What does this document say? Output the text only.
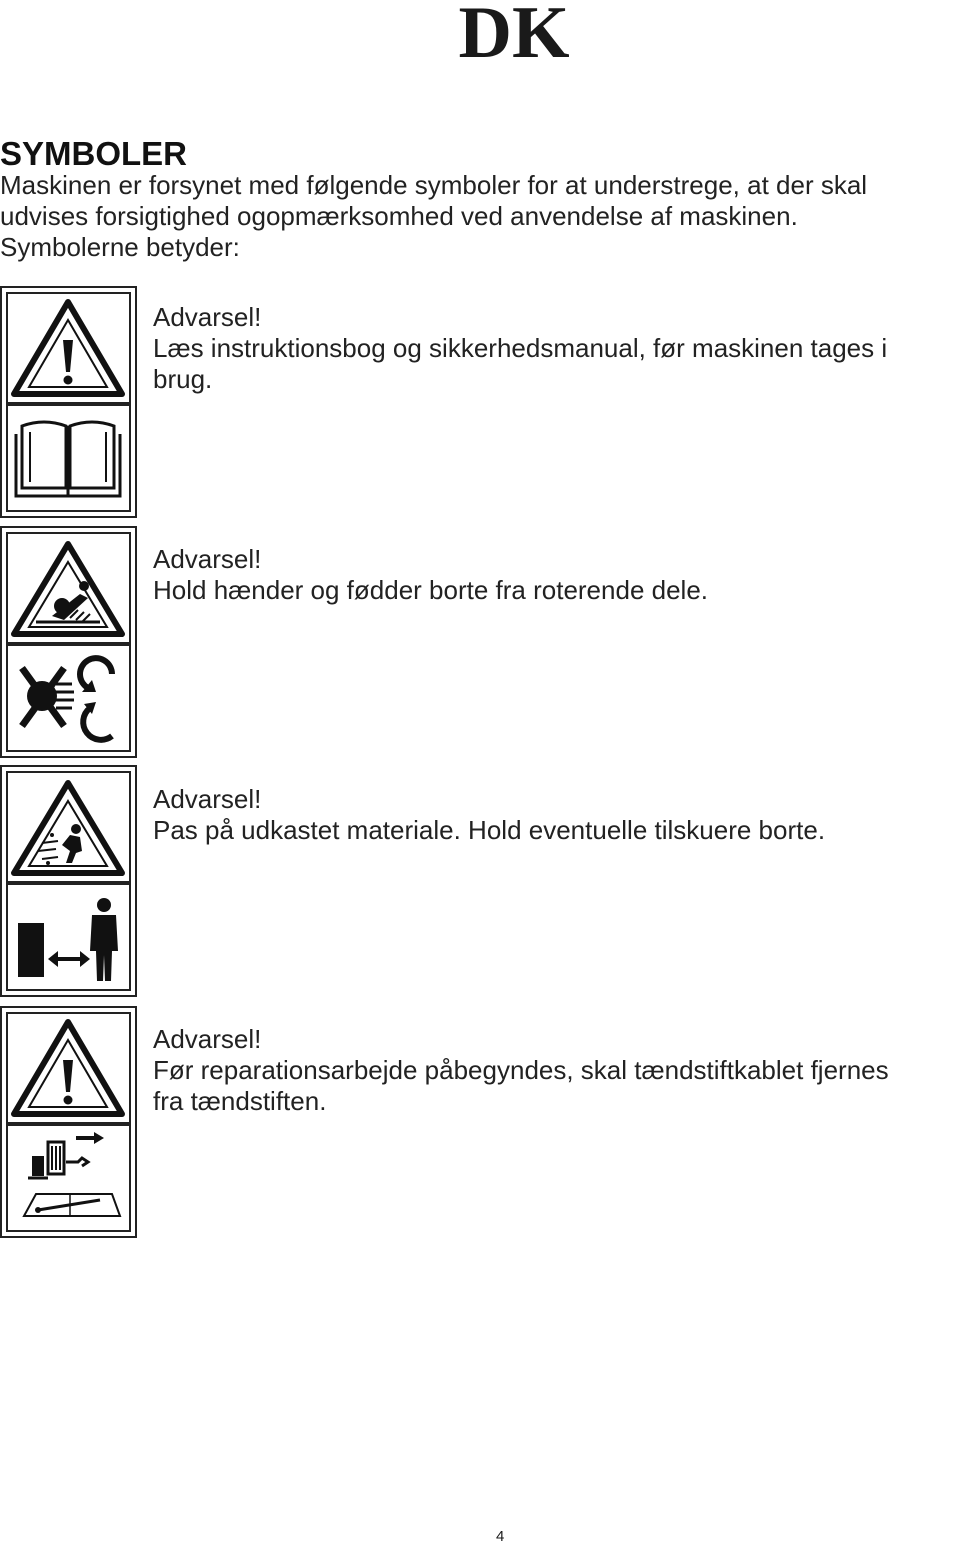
DK
SYMBOLER

Maskinen er forsynet med følgende symboler for at understrege, at der skal
udvises forsigtighed ogopmærksomhed ved anvendelse af maskinen.
Symbolerne betyder:

Advarsel!
Læs instruktionsbog og sikkerhedsmanual, før maskinen tages i
brug.

Advarsel!
Hold hænder og fødder borte fra roterende dele.

Advarsel!
Pas på udkastet materiale. Hold eventuelle tilskuere borte.

Advarsel!
Før reparationsarbejde påbegyndes, skal tændstiftkablet fjernes
fra tændstiften.

4
